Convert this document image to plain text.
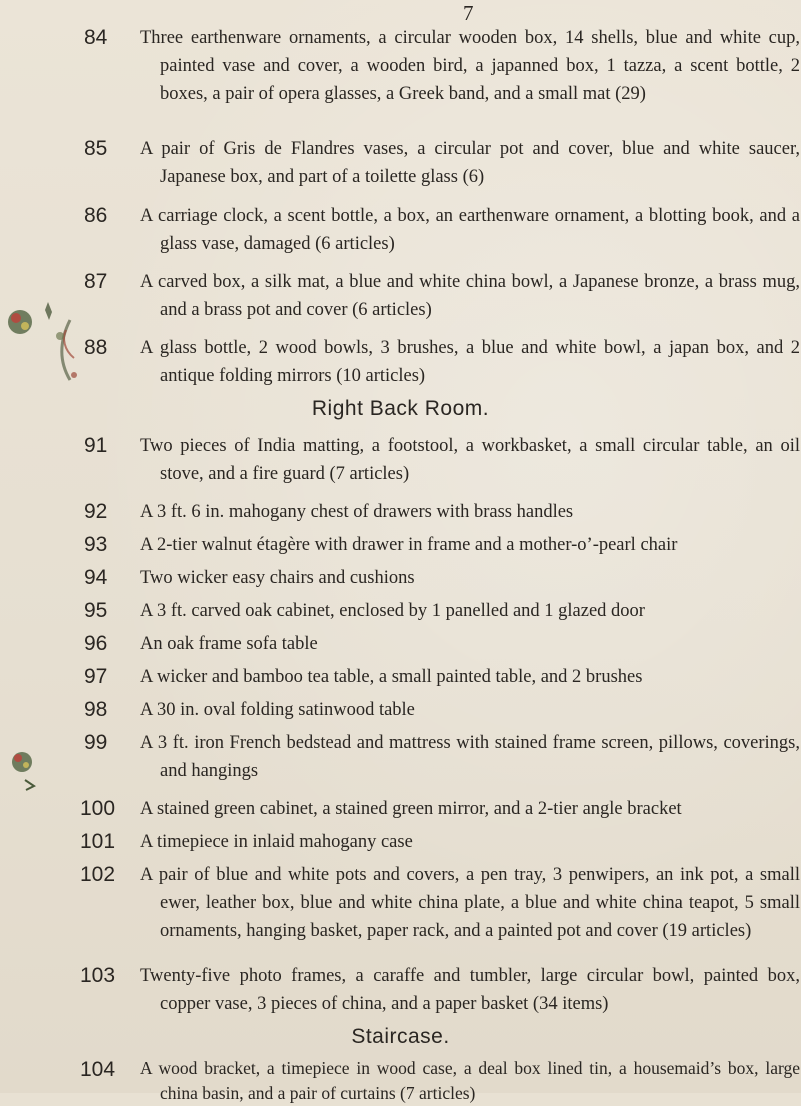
7
84	Three earthenware ornaments, a circular wooden box, 14 shells, blue and white cup, painted vase and cover, a wooden bird, a japanned box, 1 tazza, a scent bottle, 2 boxes, a pair of opera glasses, a Greek band, and a small mat (29)
85	A pair of Gris de Flandres vases, a circular pot and cover, blue and white saucer, Japanese box, and part of a toilette glass (6)
86	A carriage clock, a scent bottle, a box, an earthenware ornament, a blotting book, and a glass vase, damaged (6 articles)
87	A carved box, a silk mat, a blue and white china bowl, a Japanese bronze, a brass mug, and a brass pot and cover (6 articles)
88	A glass bottle, 2 wood bowls, 3 brushes, a blue and white bowl, a japan box, and 2 antique folding mirrors (10 articles)
Right Back Room.
91	Two pieces of India matting, a footstool, a workbasket, a small circular table, an oil stove, and a fire guard (7 articles)
92	A 3 ft. 6 in. mahogany chest of drawers with brass handles
93	A 2-tier walnut étagère with drawer in frame and a mother-o’-pearl chair
94	Two wicker easy chairs and cushions
95	A 3 ft. carved oak cabinet, enclosed by 1 panelled and 1 glazed door
96	An oak frame sofa table
97	A wicker and bamboo tea table, a small painted table, and 2 brushes
98	A 30 in. oval folding satinwood table
99	A 3 ft. iron French bedstead and mattress with stained frame screen, pillows, coverings, and hangings
100	A stained green cabinet, a stained green mirror, and a 2-tier angle bracket
101	A timepiece in inlaid mahogany case
102	A pair of blue and white pots and covers, a pen tray, 3 penwipers, an ink pot, a small ewer, leather box, blue and white china plate, a blue and white china teapot, 5 small ornaments, hanging basket, paper rack, and a painted pot and cover (19 articles)
103	Twenty-five photo frames, a caraffe and tumbler, large circular bowl, painted box, copper vase, 3 pieces of china, and a paper basket (34 items)
Staircase.
104	A wood bracket, a timepiece in wood case, a deal box lined tin, a housemaid’s box, large china basin, and a pair of curtains (7 articles)
